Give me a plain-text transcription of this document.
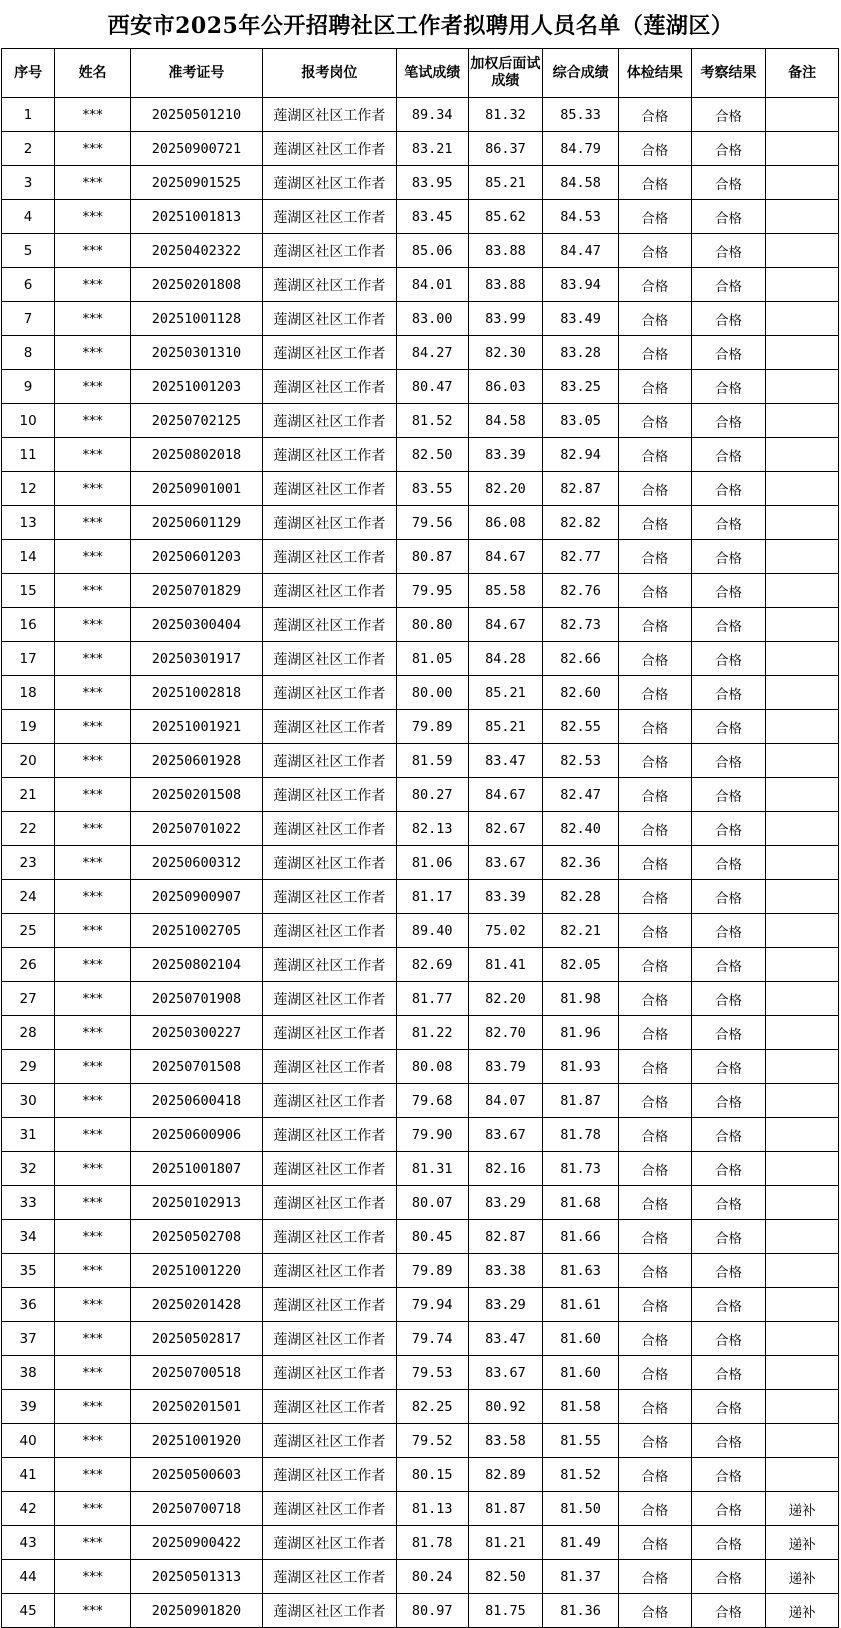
西安市2025年公开招聘社区工作者拟聘用人员名单（莲湖区）
序号	姓名	准考证号	报考岗位	笔试成绩	加权后面试成绩	综合成绩	体检结果	考察结果	备注
1	***	20250501210	莲湖区社区工作者	89.34	81.32	85.33	合格	合格	
2	***	20250900721	莲湖区社区工作者	83.21	86.37	84.79	合格	合格	
3	***	20250901525	莲湖区社区工作者	83.95	85.21	84.58	合格	合格	
4	***	20251001813	莲湖区社区工作者	83.45	85.62	84.53	合格	合格	
5	***	20250402322	莲湖区社区工作者	85.06	83.88	84.47	合格	合格	
6	***	20250201808	莲湖区社区工作者	84.01	83.88	83.94	合格	合格	
7	***	20251001128	莲湖区社区工作者	83.00	83.99	83.49	合格	合格	
8	***	20250301310	莲湖区社区工作者	84.27	82.30	83.28	合格	合格	
9	***	20251001203	莲湖区社区工作者	80.47	86.03	83.25	合格	合格	
10	***	20250702125	莲湖区社区工作者	81.52	84.58	83.05	合格	合格	
11	***	20250802018	莲湖区社区工作者	82.50	83.39	82.94	合格	合格	
12	***	20250901001	莲湖区社区工作者	83.55	82.20	82.87	合格	合格	
13	***	20250601129	莲湖区社区工作者	79.56	86.08	82.82	合格	合格	
14	***	20250601203	莲湖区社区工作者	80.87	84.67	82.77	合格	合格	
15	***	20250701829	莲湖区社区工作者	79.95	85.58	82.76	合格	合格	
16	***	20250300404	莲湖区社区工作者	80.80	84.67	82.73	合格	合格	
17	***	20250301917	莲湖区社区工作者	81.05	84.28	82.66	合格	合格	
18	***	20251002818	莲湖区社区工作者	80.00	85.21	82.60	合格	合格	
19	***	20251001921	莲湖区社区工作者	79.89	85.21	82.55	合格	合格	
20	***	20250601928	莲湖区社区工作者	81.59	83.47	82.53	合格	合格	
21	***	20250201508	莲湖区社区工作者	80.27	84.67	82.47	合格	合格	
22	***	20250701022	莲湖区社区工作者	82.13	82.67	82.40	合格	合格	
23	***	20250600312	莲湖区社区工作者	81.06	83.67	82.36	合格	合格	
24	***	20250900907	莲湖区社区工作者	81.17	83.39	82.28	合格	合格	
25	***	20251002705	莲湖区社区工作者	89.40	75.02	82.21	合格	合格	
26	***	20250802104	莲湖区社区工作者	82.69	81.41	82.05	合格	合格	
27	***	20250701908	莲湖区社区工作者	81.77	82.20	81.98	合格	合格	
28	***	20250300227	莲湖区社区工作者	81.22	82.70	81.96	合格	合格	
29	***	20250701508	莲湖区社区工作者	80.08	83.79	81.93	合格	合格	
30	***	20250600418	莲湖区社区工作者	79.68	84.07	81.87	合格	合格	
31	***	20250600906	莲湖区社区工作者	79.90	83.67	81.78	合格	合格	
32	***	20251001807	莲湖区社区工作者	81.31	82.16	81.73	合格	合格	
33	***	20250102913	莲湖区社区工作者	80.07	83.29	81.68	合格	合格	
34	***	20250502708	莲湖区社区工作者	80.45	82.87	81.66	合格	合格	
35	***	20251001220	莲湖区社区工作者	79.89	83.38	81.63	合格	合格	
36	***	20250201428	莲湖区社区工作者	79.94	83.29	81.61	合格	合格	
37	***	20250502817	莲湖区社区工作者	79.74	83.47	81.60	合格	合格	
38	***	20250700518	莲湖区社区工作者	79.53	83.67	81.60	合格	合格	
39	***	20250201501	莲湖区社区工作者	82.25	80.92	81.58	合格	合格	
40	***	20251001920	莲湖区社区工作者	79.52	83.58	81.55	合格	合格	
41	***	20250500603	莲湖区社区工作者	80.15	82.89	81.52	合格	合格	
42	***	20250700718	莲湖区社区工作者	81.13	81.87	81.50	合格	合格	递补
43	***	20250900422	莲湖区社区工作者	81.78	81.21	81.49	合格	合格	递补
44	***	20250501313	莲湖区社区工作者	80.24	82.50	81.37	合格	合格	递补
45	***	20250901820	莲湖区社区工作者	80.97	81.75	81.36	合格	合格	递补
